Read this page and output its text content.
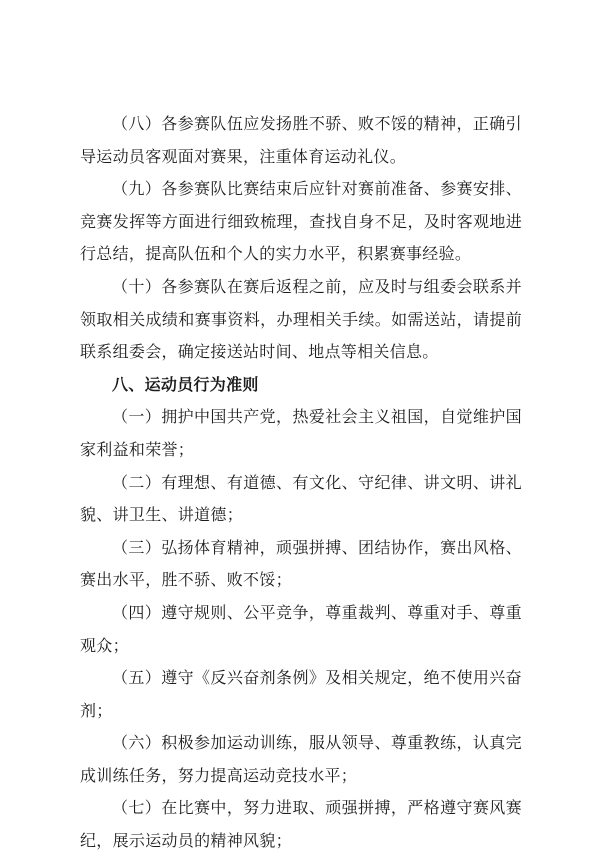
（八）各参赛队伍应发扬胜不骄、败不馁的精神，正确引导运动员客观面对赛果，注重体育运动礼仪。

（九）各参赛队比赛结束后应针对赛前准备、参赛安排、竞赛发挥等方面进行细致梳理，查找自身不足，及时客观地进行总结，提高队伍和个人的实力水平，积累赛事经验。

（十）各参赛队在赛后返程之前，应及时与组委会联系并领取相关成绩和赛事资料，办理相关手续。如需送站，请提前联系组委会，确定接送站时间、地点等相关信息。

八、运动员行为准则

（一）拥护中国共产党，热爱社会主义祖国，自觉维护国家利益和荣誉；

（二）有理想、有道德、有文化、守纪律、讲文明、讲礼貌、讲卫生、讲道德；

（三）弘扬体育精神，顽强拼搏、团结协作，赛出风格、赛出水平，胜不骄、败不馁；

（四）遵守规则、公平竞争，尊重裁判、尊重对手、尊重观众；

（五）遵守《反兴奋剂条例》及相关规定，绝不使用兴奋剂；

（六）积极参加运动训练，服从领导、尊重教练，认真完成训练任务，努力提高运动竞技水平；

（七）在比赛中，努力进取、顽强拼搏，严格遵守赛风赛纪，展示运动员的精神风貌；
